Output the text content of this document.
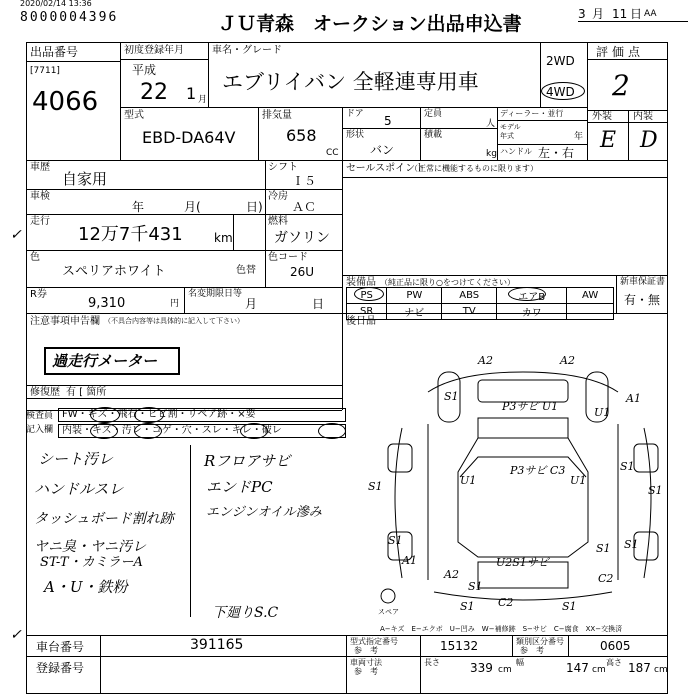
2020/02/14 13:36
8000004396	ＪＵ青森　オークション出品申込書	3 月 11 日 AA
出品番号
[7711]
4066
初度登録年月
平成
22 1 月
車名・グレード
エブリイバン 全軽連専用車
2WD
4WD
評価点
2
外装 内装
E D
型式
EBD-DA64V
排気量
658
CC
ドア 5	定員
人
形状
バン
積載
kg
ディーラー・並行
モデル
年式	年
ハンドル 左・右
車歴
自家用
車検
年	月(	日)
走行
12万7千431	km
色
スペリアホワイト	色替
シフト
Ｉ５
冷房
ＡＣ
燃料
ガソリン
色コード
26U
R券
9,310	円
名変期限日等
月	日
セールスポイント
（正常に機能するものに限ります）
装備品 （純正品に限り○をつけてください）	新車保証書
有・無
PS	PW	ABS	エアB	AW
SR	ナビ	TV	カワ	
注意事項申告欄 （不具合内容等は具体的に記入して下さい）
過走行メーター
修復歴 有 [ 箇所
後日品
検査員
記入欄
FW・キズ・飛石・ヒビ割・リペア跡・×要
内装・キズ・汚レ・コゲ・穴・スレ・キレ・破レ
シート汚レ
ハンドルスレ
タッシュボード割れ跡
ヤニ臭・ヤニ汚レ
ST-T・カミラーA
A・U・鉄粉
Rフロアサビ
エンドPC
エンジンオイル滲み
下廻りS.C
✓
✓
A2	A2
A1
S1
P3サビ U1	U1
S1
S1
S1
U1	U1
P3サビ C3
S1	S1
C2
A2
U2S1サビ
S1
A1
C2
S1	S1
S1
スペア
A−キズ　E−エクボ　U−凹み　W−補修跡　S−サビ　C−腐食　XX−交換済
車台番号	391165
登録番号
型式指定番号
参　考	15132	類別区分番号
参　考	0605
車両寸法
参　考
長さ	339 cm
幅	147 cm
高さ 187 cm
